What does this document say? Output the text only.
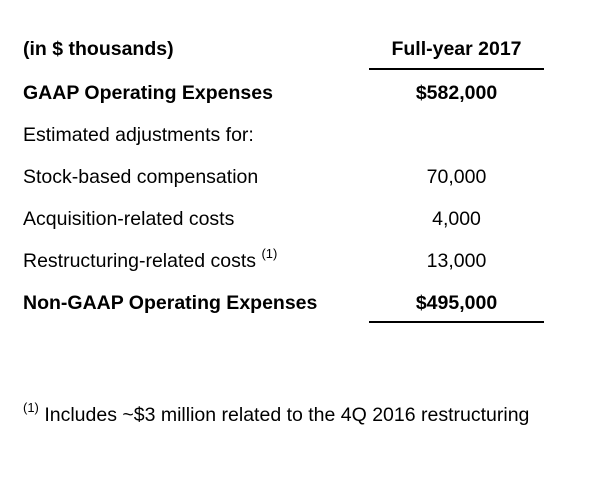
(in $ thousands)	Full-year 2017
GAAP Operating Expenses	$582,000
Estimated adjustments for:
Stock-based compensation	70,000
Acquisition-related costs	4,000
Restructuring-related costs $^{(1)}$	13,000
Non-GAAP Operating Expenses	$495,000
$^{(1)}$ Includes ~$3 million related to the 4Q 2016 restructuring
